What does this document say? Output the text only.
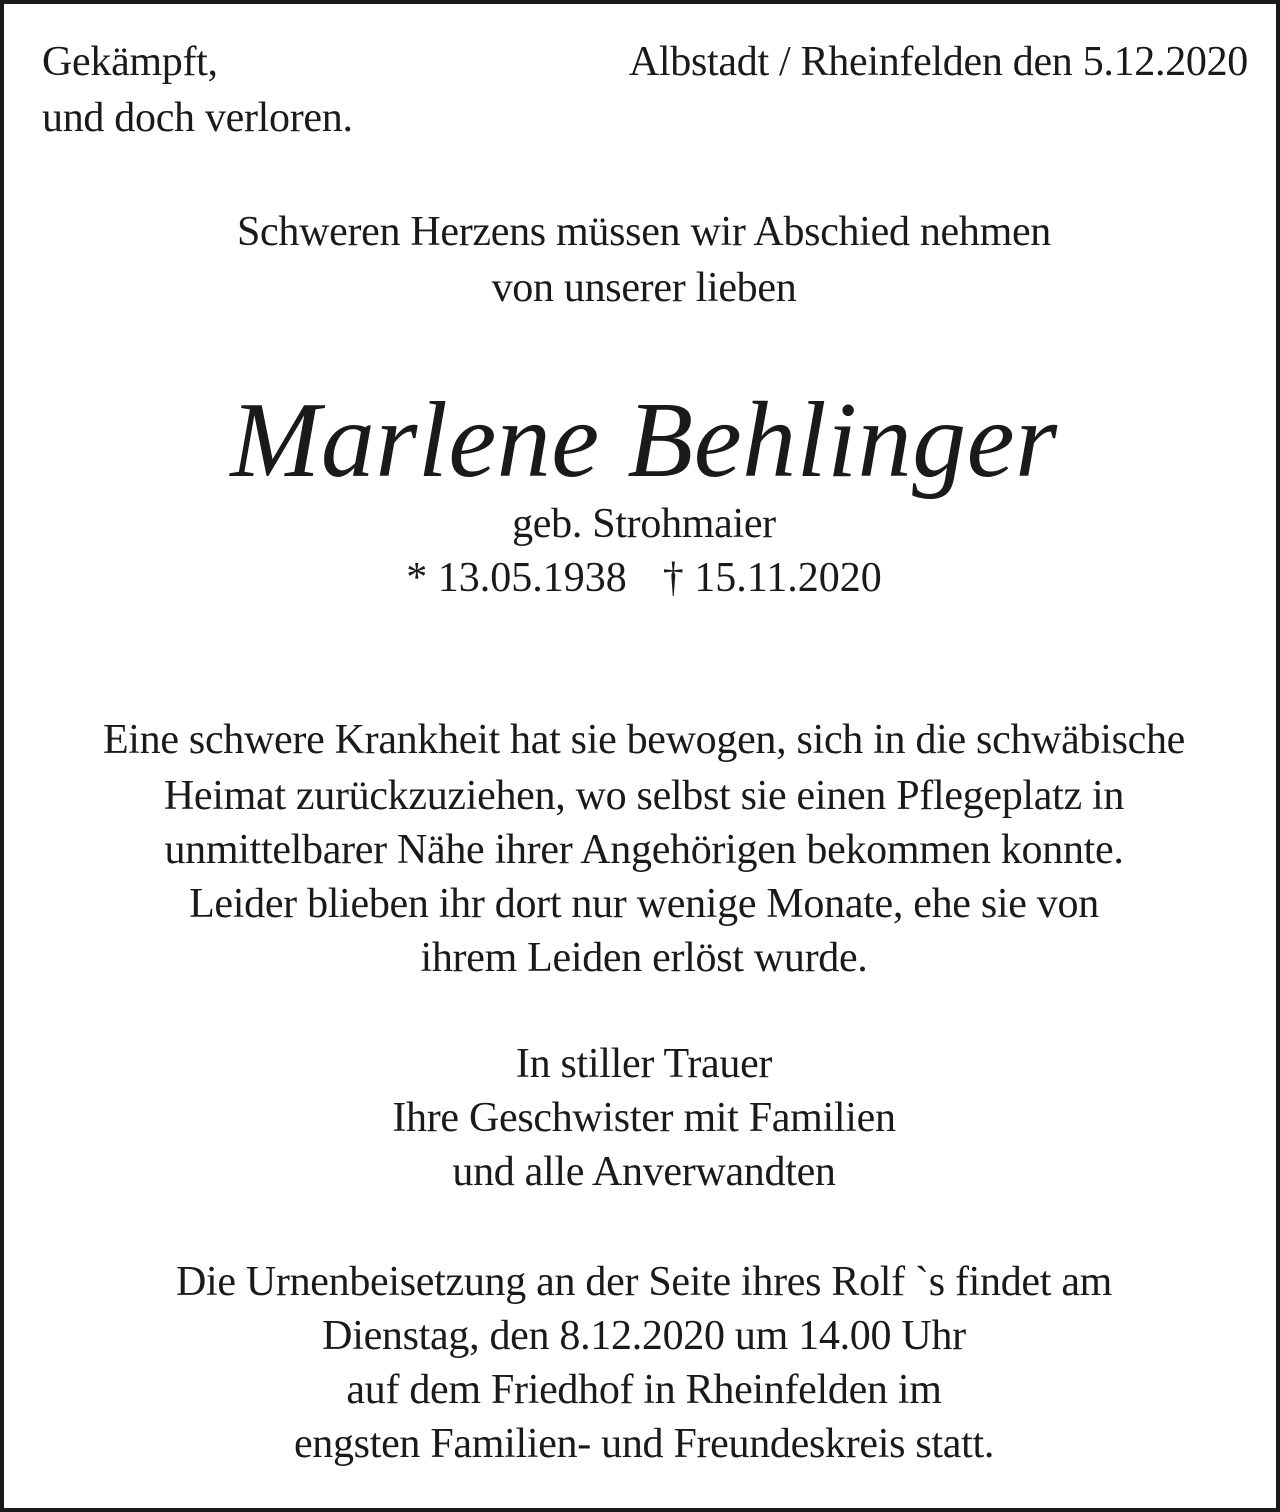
Gekämpft,
und doch verloren.
Albstadt / Rheinfelden den 5.12.2020
Schweren Herzens müssen wir Abschied nehmen
von unserer lieben
Marlene Behlinger
geb. Strohmaier
* 13.05.1938 † 15.11.2020
Eine schwere Krankheit hat sie bewogen, sich in die schwäbische
Heimat zurückzuziehen, wo selbst sie einen Pflegeplatz in
unmittelbarer Nähe ihrer Angehörigen bekommen konnte.
Leider blieben ihr dort nur wenige Monate, ehe sie von
ihrem Leiden erlöst wurde.
In stiller Trauer
Ihre Geschwister mit Familien
und alle Anverwandten
Die Urnenbeisetzung an der Seite ihres Rolf `s findet am
Dienstag, den 8.12.2020 um 14.00 Uhr
auf dem Friedhof in Rheinfelden im
engsten Familien- und Freundeskreis statt.
